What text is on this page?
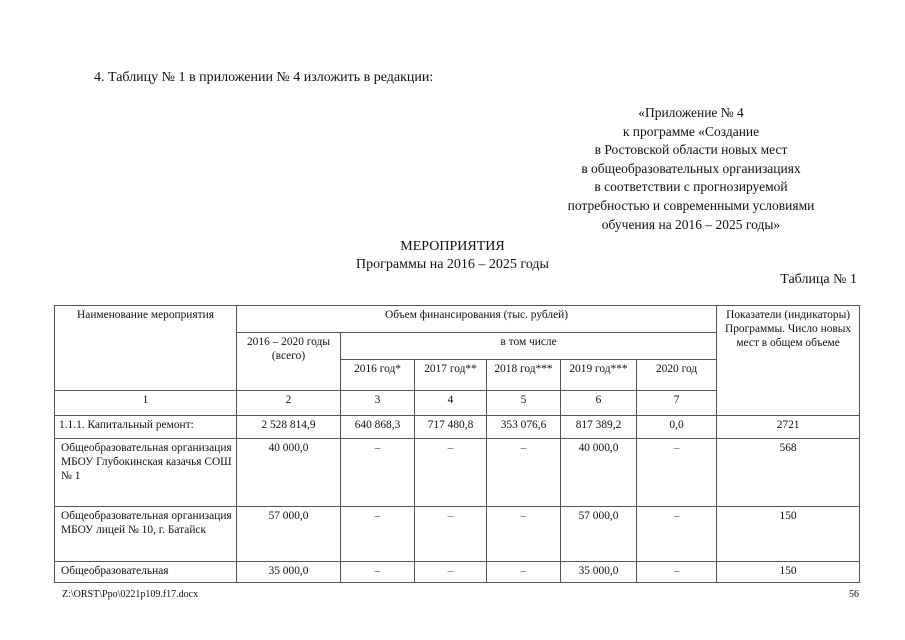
4. Таблицу № 1 в приложении № 4 изложить в редакции:
«Приложение № 4
к программе «Создание
в Ростовской области новых мест
в общеобразовательных организациях
в соответствии с прогнозируемой
потребностью и современными условиями
обучения на 2016 – 2025 годы»
МЕРОПРИЯТИЯ
Программы на 2016 – 2025 годы
Таблица № 1
Наименование мероприятия	Объем финансирования (тыс. рублей)						Показатели (индикаторы) Программы. Число новых мест в общем объеме
	2016 – 2020 годы (всего)	в том числе					
		2016 год*	2017 год**	2018 год***	2019 год***	2020 год	
1	2	3	4	5	6	7	
1.1.1. Капитальный ремонт:	2 528 814,9	640 868,3	717 480,8	353 076,6	817 389,2	0,0	2721
Общеобразовательная организация МБОУ Глубокинская казачья СОШ № 1	40 000,0	–	–	–	40 000,0	–	568
Общеобразовательная организация МБОУ лицей № 10, г. Батайск	57 000,0	–	–	–	57 000,0	–	150
Общеобразовательная	35 000,0	–	–	–	35 000,0	–	150
Z:\ORST\Ppo\0221p109.f17.docx	56
